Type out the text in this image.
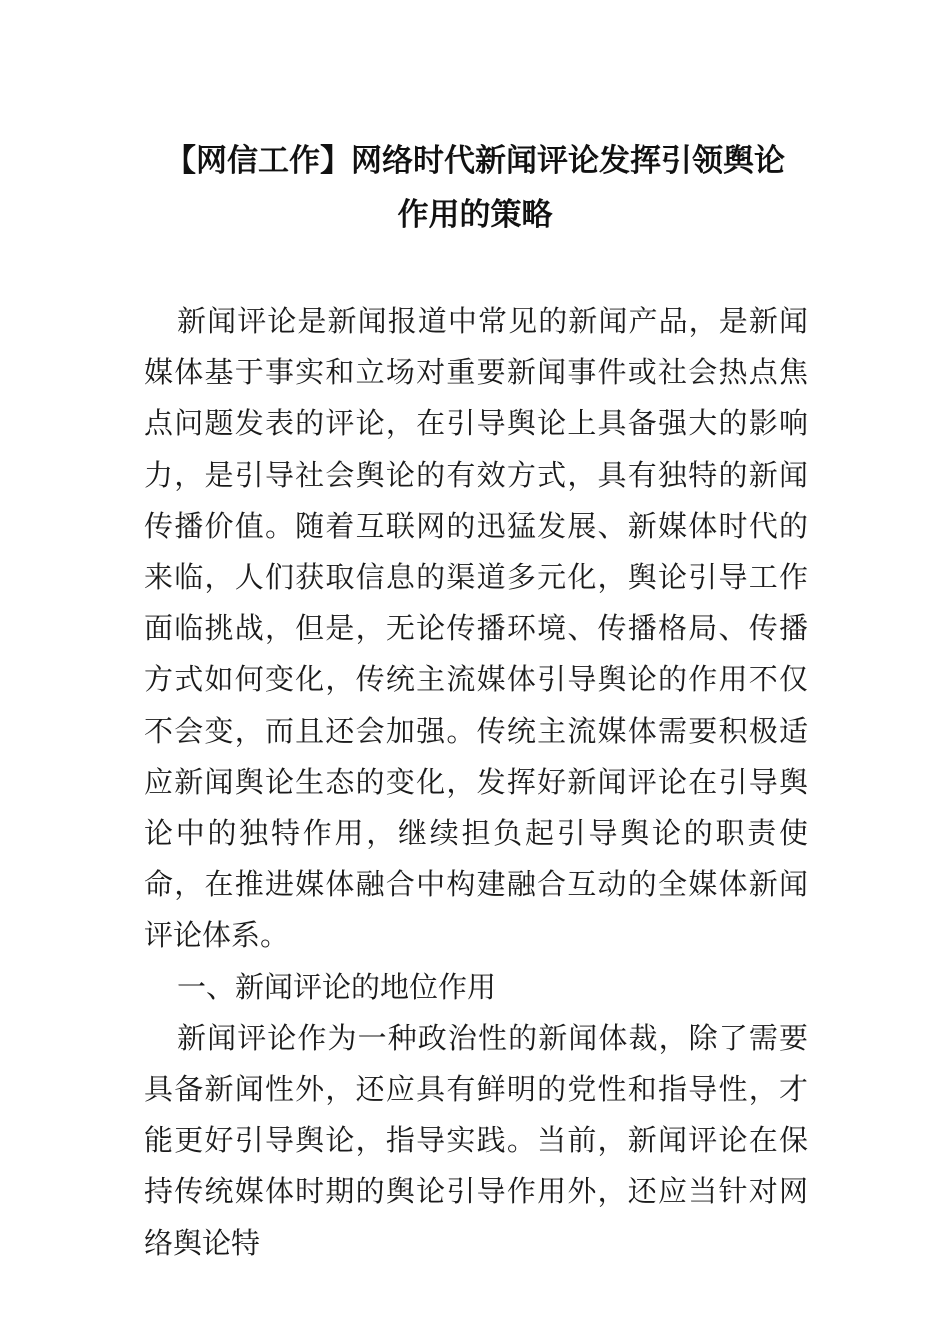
【网信工作】网络时代新闻评论发挥引领舆论
作用的策略

新闻评论是新闻报道中常见的新闻产品，是新闻媒体基于事实和立场对重要新闻事件或社会热点焦点问题发表的评论，在引导舆论上具备强大的影响力，是引导社会舆论的有效方式，具有独特的新闻传播价值。随着互联网的迅猛发展、新媒体时代的来临，人们获取信息的渠道多元化，舆论引导工作面临挑战，但是，无论传播环境、传播格局、传播方式如何变化，传统主流媒体引导舆论的作用不仅不会变，而且还会加强。传统主流媒体需要积极适应新闻舆论生态的变化，发挥好新闻评论在引导舆论中的独特作用，继续担负起引导舆论的职责使命，在推进媒体融合中构建融合互动的全媒体新闻评论体系。

一、新闻评论的地位作用

新闻评论作为一种政治性的新闻体裁，除了需要具备新闻性外，还应具有鲜明的党性和指导性，才能更好引导舆论，指导实践。当前，新闻评论在保持传统媒体时期的舆论引导作用外，还应当针对网络舆论特
